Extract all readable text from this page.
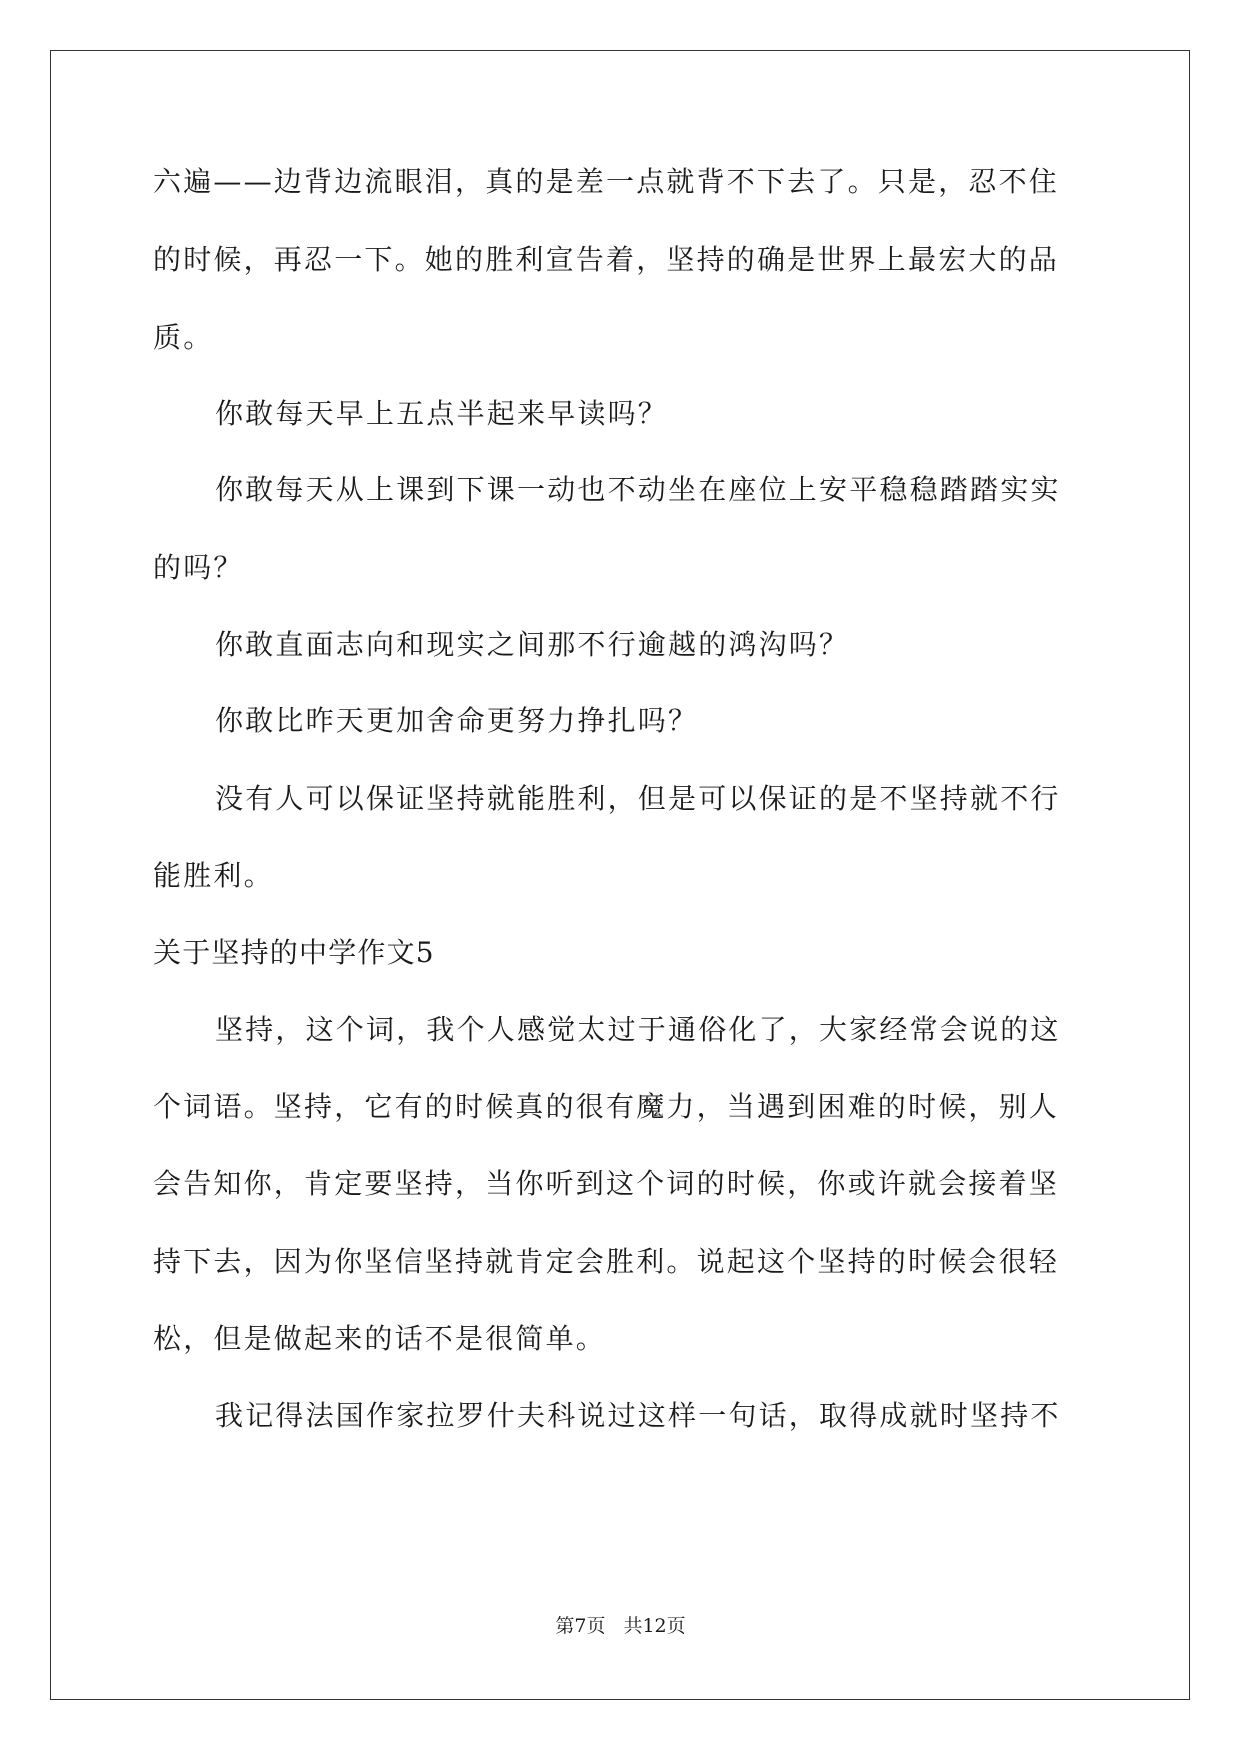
六遍——边背边流眼泪，真的是差一点就背不下去了。只是，忍不住
的时候，再忍一下。她的胜利宣告着，坚持的确是世界上最宏大的品
质。
你敢每天早上五点半起来早读吗？
你敢每天从上课到下课一动也不动坐在座位上安平稳稳踏踏实实
的吗？
你敢直面志向和现实之间那不行逾越的鸿沟吗？
你敢比昨天更加舍命更努力挣扎吗？
没有人可以保证坚持就能胜利，但是可以保证的是不坚持就不行
能胜利。
关于坚持的中学作文5
坚持，这个词，我个人感觉太过于通俗化了，大家经常会说的这
个词语。坚持，它有的时候真的很有魔力，当遇到困难的时候，别人
会告知你，肯定要坚持，当你听到这个词的时候，你或许就会接着坚
持下去，因为你坚信坚持就肯定会胜利。说起这个坚持的时候会很轻
松，但是做起来的话不是很简单。
我记得法国作家拉罗什夫科说过这样一句话，取得成就时坚持不
第7页 共12页
